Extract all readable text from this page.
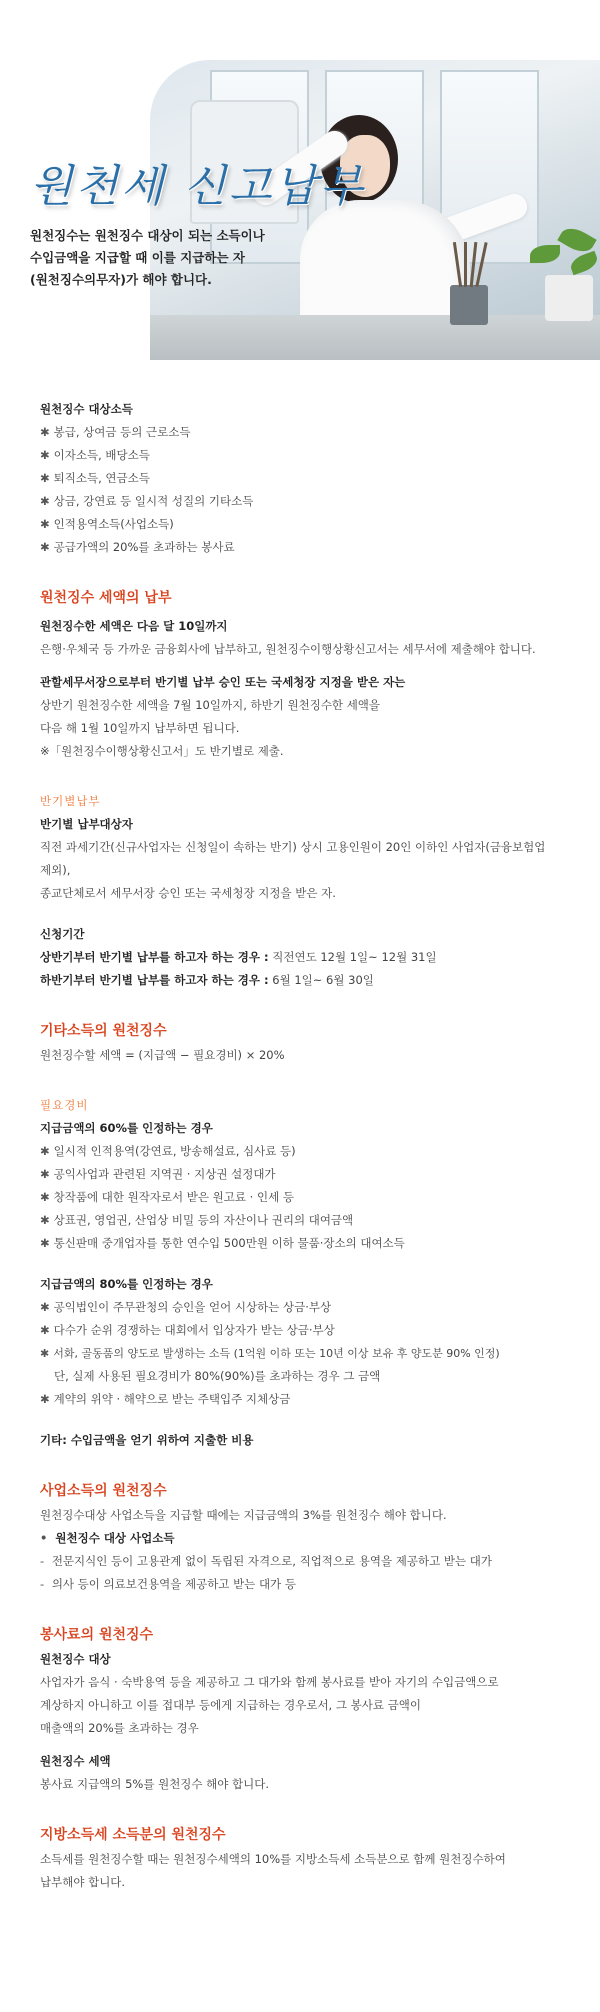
원천세 신고납부

원천징수는 원천징수 대상이 되는 소득이나
수입금액을 지급할 때 이를 지급하는 자
(원천징수의무자)가 해야 합니다.

원천징수 대상소득

✱ 봉급, 상여금 등의 근로소득

✱ 이자소득, 배당소득

✱ 퇴직소득, 연금소득

✱ 상금, 강연료 등 일시적 성질의 기타소득

✱ 인적용역소득(사업소득)

✱ 공급가액의 20%를 초과하는 봉사료

원천징수 세액의 납부

원천징수한 세액은 다음 달 10일까지

은행·우체국 등 가까운 금융회사에 납부하고, 원천징수이행상황신고서는 세무서에 제출해야 합니다.

관할세무서장으로부터 반기별 납부 승인 또는 국세청장 지정을 받은 자는

상반기 원천징수한 세액을 7월 10일까지, 하반기 원천징수한 세액을

다음 해 1월 10일까지 납부하면 됩니다.

※「원천징수이행상황신고서」도 반기별로 제출.

반기별납부

반기별 납부대상자

직전 과세기간(신규사업자는 신청일이 속하는 반기) 상시 고용인원이 20인 이하인 사업자(금융보험업 제외),

종교단체로서 세무서장 승인 또는 국세청장 지정을 받은 자.

신청기간

상반기부터 반기별 납부를 하고자 하는 경우 : 직전연도 12월 1일~ 12월 31일

하반기부터 반기별 납부를 하고자 하는 경우 : 6월 1일~ 6월 30일

기타소득의 원천징수

원천징수할 세액 = (지급액 − 필요경비) × 20%

필요경비

지급금액의 60%를 인정하는 경우

✱ 일시적 인적용역(강연료, 방송해설료, 심사료 등)

✱ 공익사업과 관련된 지역권 · 지상권 설정대가

✱ 창작품에 대한 원작자로서 받은 원고료 · 인세 등

✱ 상표권, 영업권, 산업상 비밀 등의 자산이나 권리의 대여금액

✱ 통신판매 중개업자를 통한 연수입 500만원 이하 물품·장소의 대여소득

지급금액의 80%를 인정하는 경우

✱ 공익법인이 주무관청의 승인을 얻어 시상하는 상금·부상

✱ 다수가 순위 경쟁하는 대회에서 입상자가 받는 상금·부상

✱ 서화, 골동품의 양도로 발생하는 소득 (1억원 이하 또는 10년 이상 보유 후 양도분 90% 인정)

단, 실제 사용된 필요경비가 80%(90%)를 초과하는 경우 그 금액

✱ 계약의 위약 · 해약으로 받는 주택입주 지체상금

기타: 수입금액을 얻기 위하여 지출한 비용

사업소득의 원천징수

원천징수대상 사업소득을 지급할 때에는 지급금액의 3%를 원천징수 해야 합니다.

• 원천징수 대상 사업소득

- 전문지식인 등이 고용관계 없이 독립된 자격으로, 직업적으로 용역을 제공하고 받는 대가

- 의사 등이 의료보건용역을 제공하고 받는 대가 등

봉사료의 원천징수

원천징수 대상

사업자가 음식 · 숙박용역 등을 제공하고 그 대가와 함께 봉사료를 받아 자기의 수입금액으로

계상하지 아니하고 이를 접대부 등에게 지급하는 경우로서, 그 봉사료 금액이

매출액의 20%를 초과하는 경우

원천징수 세액

봉사료 지급액의 5%를 원천징수 해야 합니다.

지방소득세 소득분의 원천징수

소득세를 원천징수할 때는 원천징수세액의 10%를 지방소득세 소득분으로 함께 원천징수하여

납부해야 합니다.
